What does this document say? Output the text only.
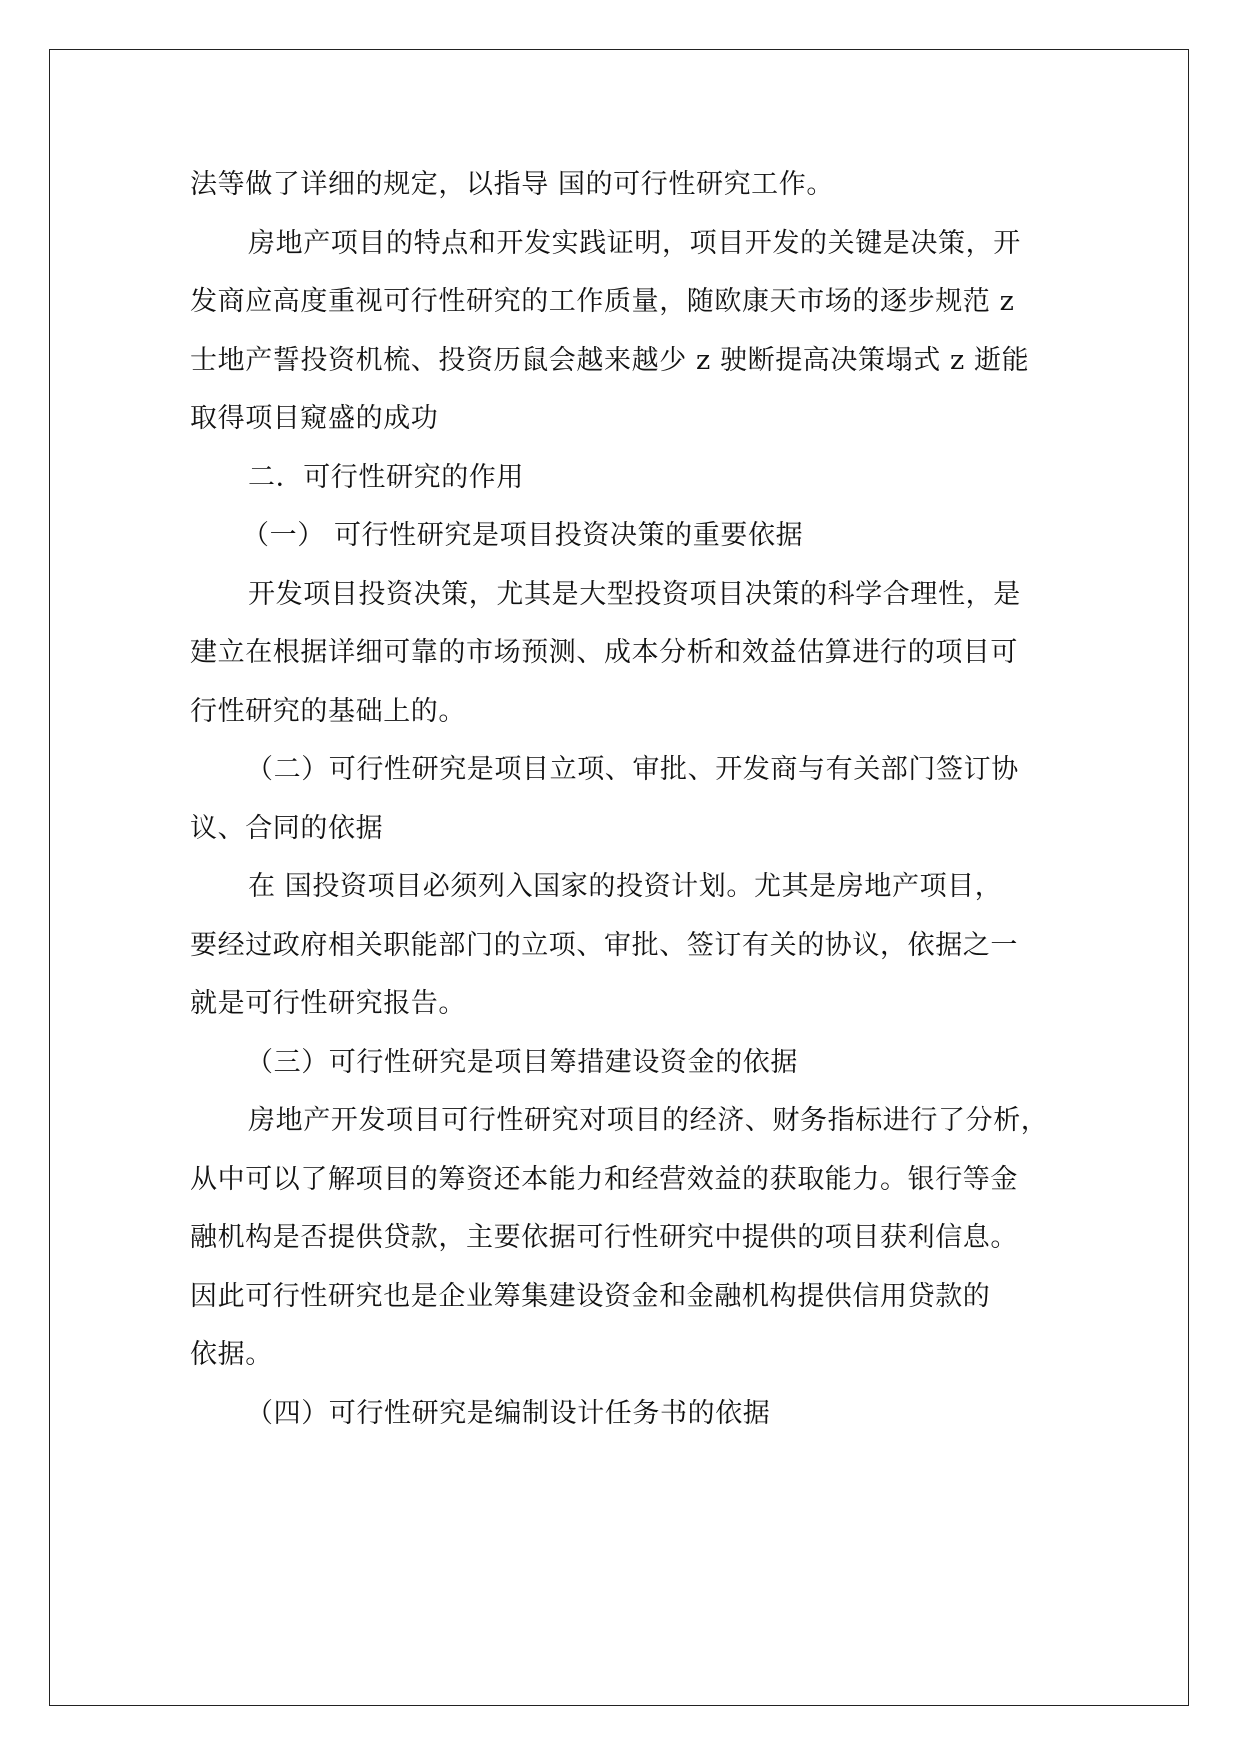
法等做了详细的规定，以指导 国的可行性研究工作。
房地产项目的特点和开发实践证明，项目开发的关键是决策，开
发商应高度重视可行性研究的工作质量，随欧康天市场的逐步规范 z
士地产誓投资机梳、投资历鼠会越来越少 z 驶断提高决策塌式 z 逝能
取得项目窥盛的成功
二．可行性研究的作用
（一） 可行性研究是项目投资决策的重要依据
开发项目投资决策，尤其是大型投资项目决策的科学合理性，是
建立在根据详细可靠的市场预测、成本分析和效益估算进行的项目可
行性研究的基础上的。
（二）可行性研究是项目立项、审批、开发商与有关部门签订协
议、合同的依据
在 国投资项目必须列入国家的投资计划。尤其是房地产项目，
要经过政府相关职能部门的立项、审批、签订有关的协议，依据之一
就是可行性研究报告。
（三）可行性研究是项目筹措建设资金的依据
房地产开发项目可行性研究对项目的经济、财务指标进行了分析，
从中可以了解项目的筹资还本能力和经营效益的获取能力。银行等金
融机构是否提供贷款，主要依据可行性研究中提供的项目获利信息。
因此可行性研究也是企业筹集建设资金和金融机构提供信用贷款的
依据。
（四）可行性研究是编制设计任务书的依据
